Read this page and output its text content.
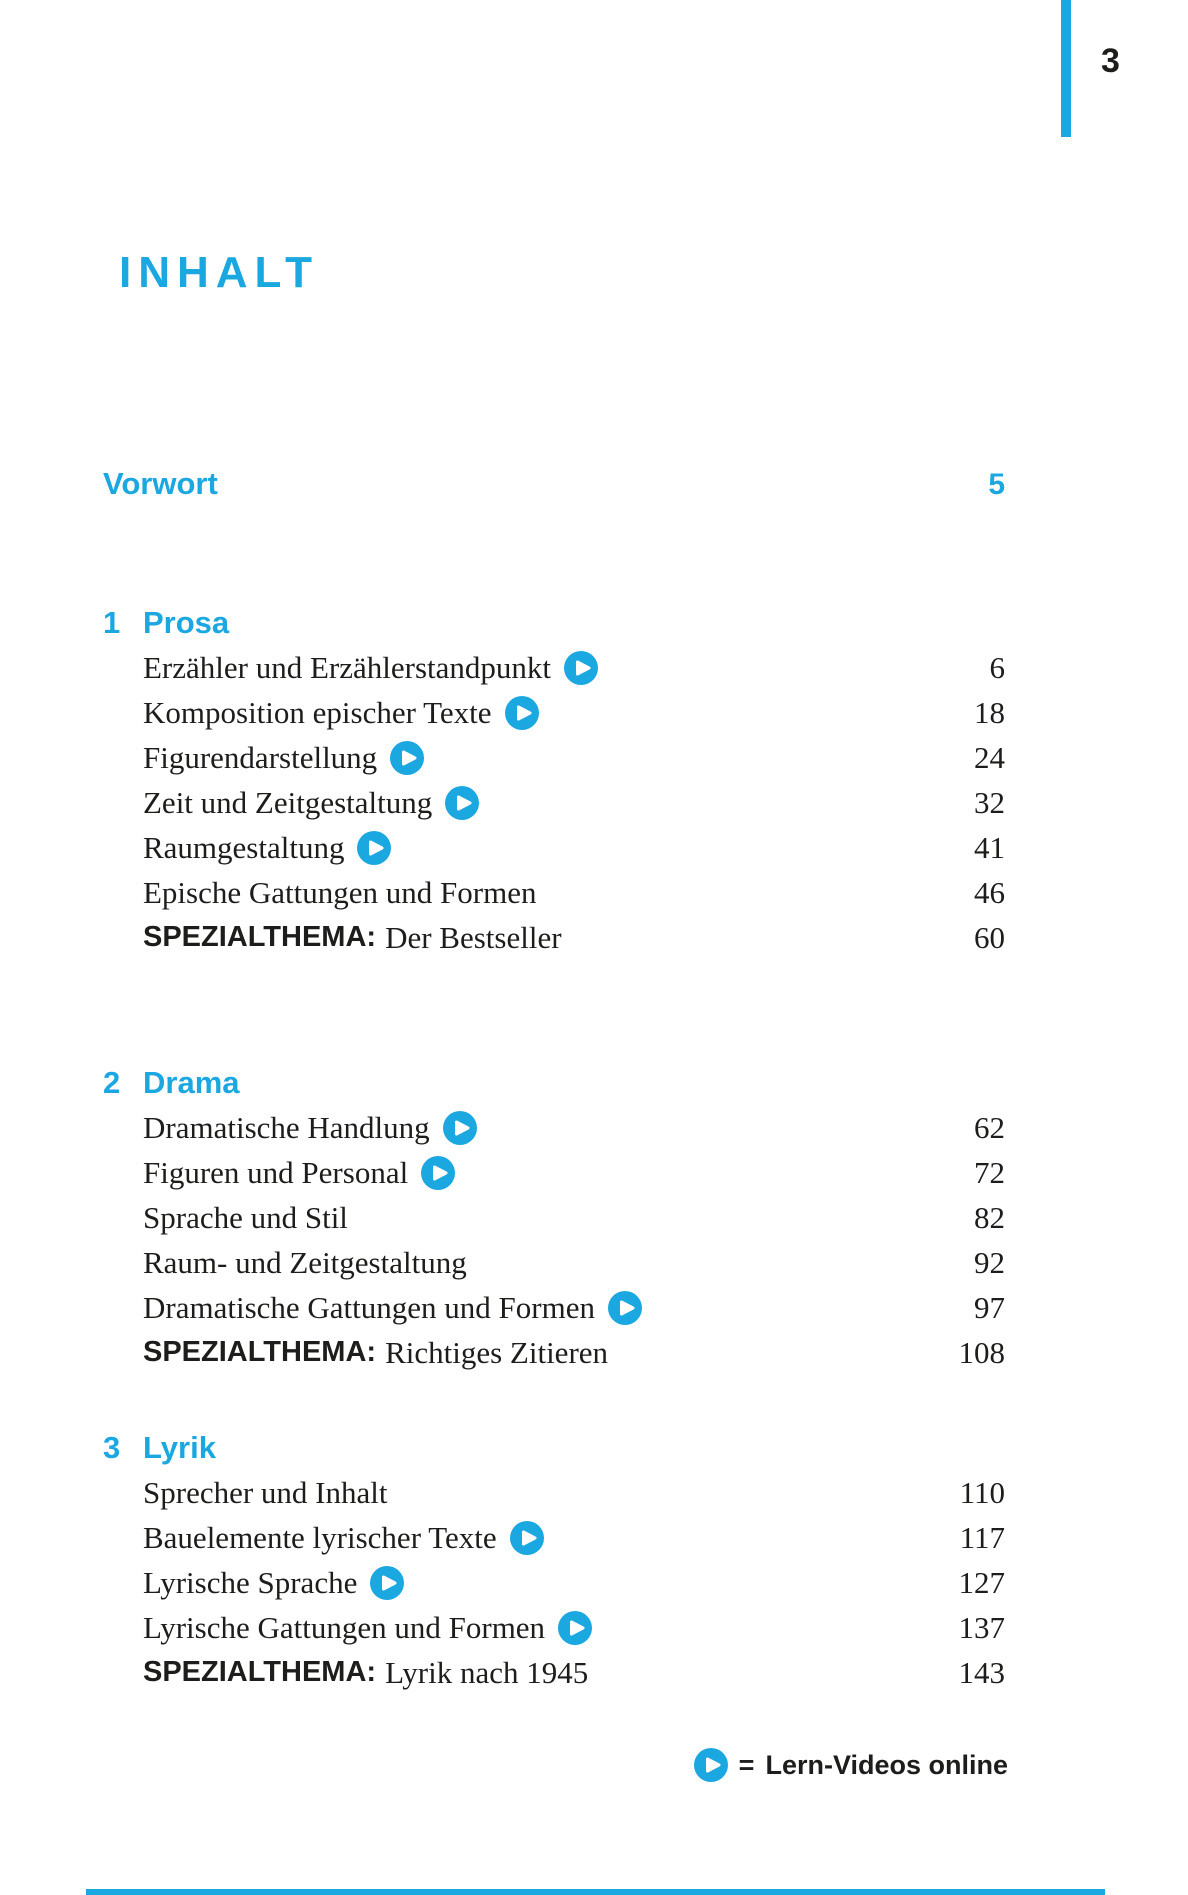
3
INHALT
Vorwort	5
1 Prosa
Erzähler und Erzählerstandpunkt	6
Komposition epischer Texte	18
Figurendarstellung	24
Zeit und Zeitgestaltung	32
Raumgestaltung	41
Epische Gattungen und Formen	46
SPEZIALTHEMA: Der Bestseller	60
2 Drama
Dramatische Handlung	62
Figuren und Personal	72
Sprache und Stil	82
Raum- und Zeitgestaltung	92
Dramatische Gattungen und Formen	97
SPEZIALTHEMA: Richtiges Zitieren	108
3 Lyrik
Sprecher und Inhalt	110
Bauelemente lyrischer Texte	117
Lyrische Sprache	127
Lyrische Gattungen und Formen	137
SPEZIALTHEMA: Lyrik nach 1945	143
= Lern-Videos online
